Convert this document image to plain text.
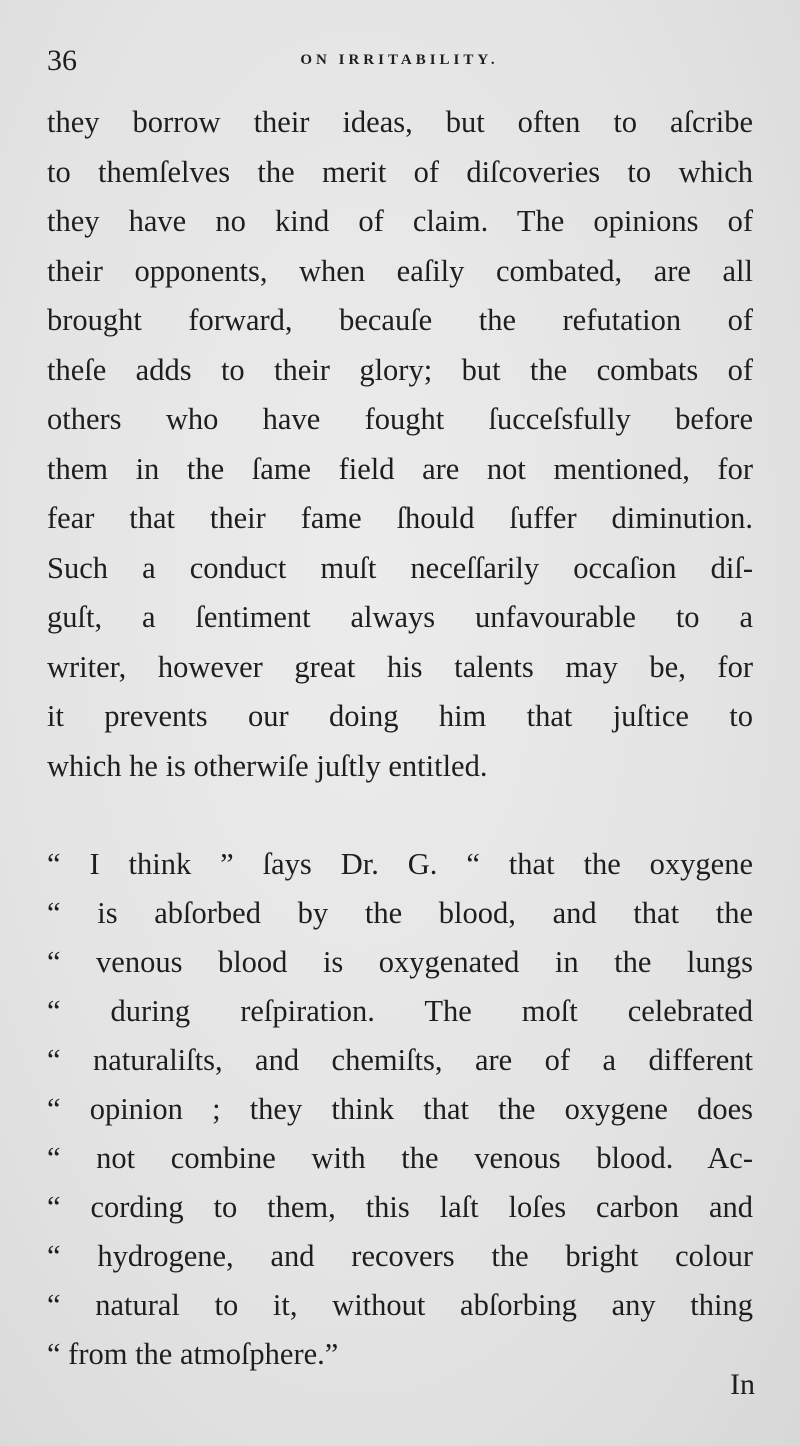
36	ON IRRITABILITY.
they borrow their ideas, but often to aſcribe
to themſelves the merit of diſcoveries to which
they have no kind of claim. The opinions of
their opponents, when eaſily combated, are all
brought forward, becauſe the refutation of
theſe adds to their glory; but the combats of
others who have fought ſucceſsfully before
them in the ſame field are not mentioned, for
fear that their fame ſhould ſuffer diminution.
Such a conduct muſt neceſſarily occaſion diſ-
guſt, a ſentiment always unfavourable to a
writer, however great his talents may be, for
it prevents our doing him that juſtice to
which he is otherwiſe juſtly entitled.
“ I think ” ſays Dr. G. “ that the oxygene
“ is abſorbed by the blood, and that the
“ venous blood is oxygenated in the lungs
“ during reſpiration. The moſt celebrated
“ naturaliſts, and chemiſts, are of a different
“ opinion ; they think that the oxygene does
“ not combine with the venous blood. Ac-
“ cording to them, this laſt loſes carbon and
“ hydrogene, and recovers the bright colour
“ natural to it, without abſorbing any thing
“ from the atmoſphere.”
In
